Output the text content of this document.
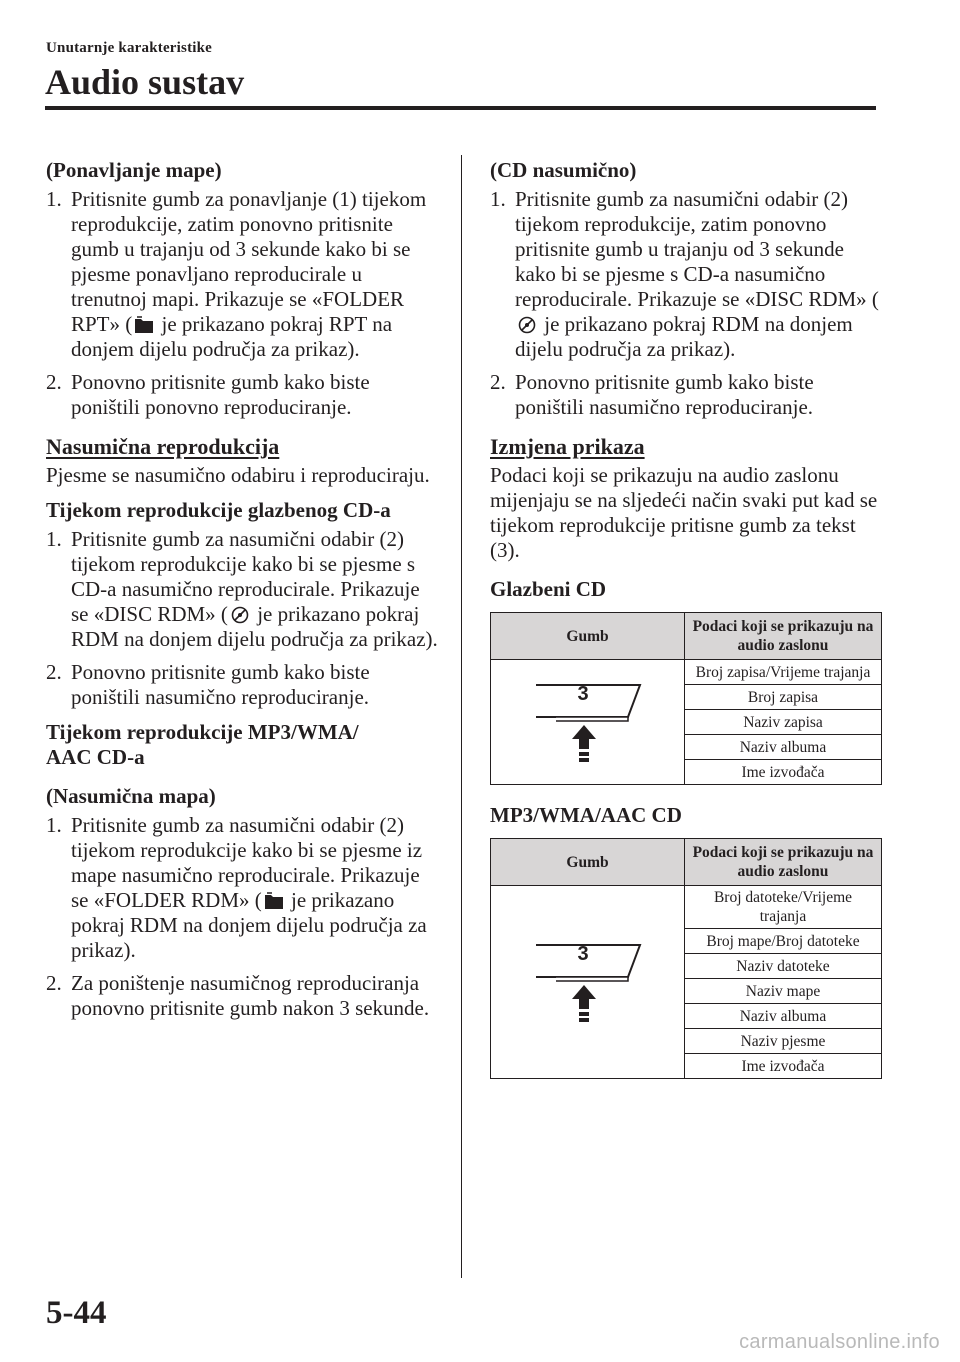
Unutarnje karakteristike
Audio sustav
(Ponavljanje mape)
1. Pritisnite gumb za ponavljanje (1) tijekom reprodukcije, zatim ponovno pritisnite gumb u trajanju od 3 sekunde kako bi se pjesme ponavljano reproducirale u trenutnoj mapi. Prikazuje se «FOLDER RPT» ( je prikazano pokraj RPT na donjem dijelu područja za prikaz).
2. Ponovno pritisnite gumb kako biste poništili ponovno reproduciranje.
Nasumična reprodukcija
Pjesme se nasumično odabiru i reproduciraju.
Tijekom reprodukcije glazbenog CD-a
1. Pritisnite gumb za nasumični odabir (2) tijekom reprodukcije kako bi se pjesme s CD-a nasumično reproducirale. Prikazuje se «DISC RDM» ( je prikazano pokraj RDM na donjem dijelu područja za prikaz).
2. Ponovno pritisnite gumb kako biste poništili nasumično reproduciranje.
Tijekom reprodukcije MP3/WMA/
AAC CD-a
(Nasumična mapa)
1. Pritisnite gumb za nasumični odabir (2) tijekom reprodukcije kako bi se pjesme iz mape nasumično reproducirale. Prikazuje se «FOLDER RDM» ( je prikazano pokraj RDM na donjem dijelu područja za prikaz).
2. Za poništenje nasumičnog reproduciranja ponovno pritisnite gumb nakon 3 sekunde.
(CD nasumično)
1. Pritisnite gumb za nasumični odabir (2) tijekom reprodukcije, zatim ponovno pritisnite gumb u trajanju od 3 sekunde kako bi se pjesme s CD-a nasumično reproducirale. Prikazuje se «DISC RDM» ( je prikazano pokraj RDM na donjem dijelu područja za prikaz).
2. Ponovno pritisnite gumb kako biste poništili nasumično reproduciranje.
Izmjena prikaza
Podaci koji se prikazuju na audio zaslonu mijenjaju se na sljedeći način svaki put kad se tijekom reprodukcije pritisne gumb za tekst (3).
Glazbeni CD
Gumb	Podaci koji se prikazuju na audio zaslonu

3	Broj zapisa/Vrijeme trajanja
	Broj zapisa
	Naziv zapisa
	Naziv albuma
	Ime izvođača
MP3/WMA/AAC CD
Gumb	Podaci koji se prikazuju na audio zaslonu

3	Broj datoteke/Vrijeme trajanja
	Broj mape/Broj datoteke
	Naziv datoteke
	Naziv mape
	Naziv albuma
	Naziv pjesme
	Ime izvođača
5-44
carmanualsonline.info
